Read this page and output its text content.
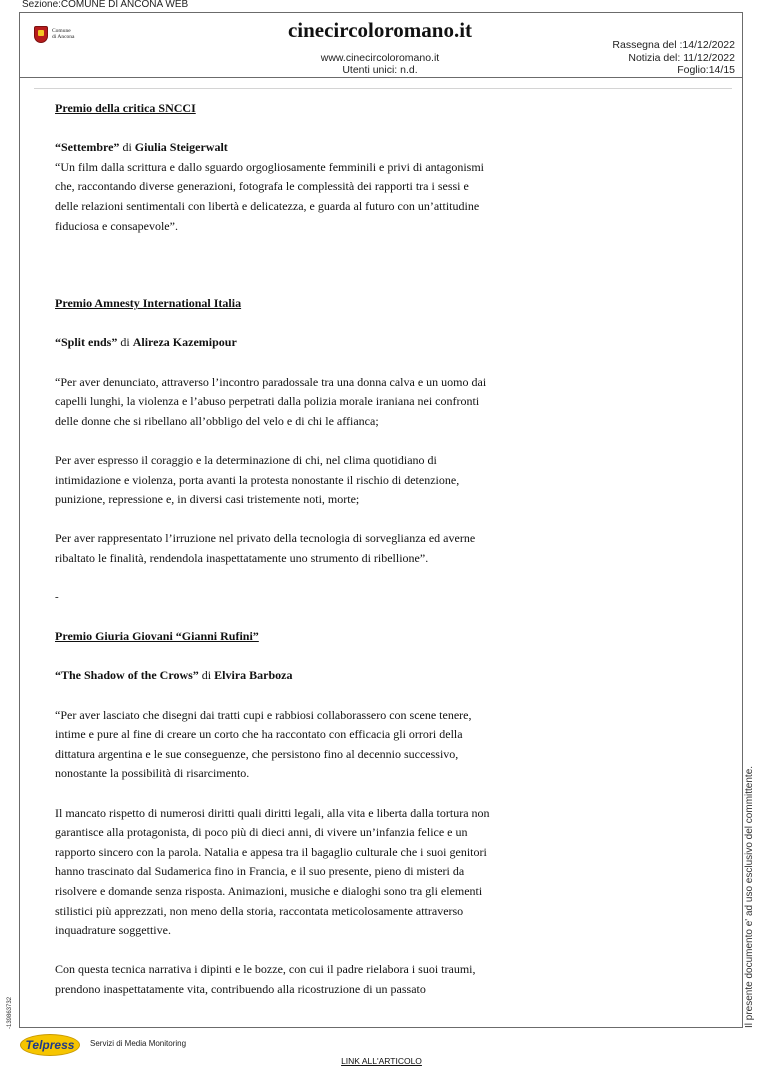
Sezione:COMUNE DI ANCONA WEB
Comune
di Ancona	cinecircoloromano.it
www.cinecircoloromano.it
Utenti unici: n.d.
Rassegna del :14/12/2022
Notizia del: 11/12/2022
Foglio:14/15

Premio della critica SNCCI

“Settembre” di Giulia Steigerwalt

“Un film dalla scrittura e dallo sguardo orgogliosamente femminili e privi di antagonismi che, raccontando diverse generazioni, fotografa le complessità dei rapporti tra i sessi e delle relazioni sentimentali con libertà e delicatezza, e guarda al futuro con un’attitudine fiduciosa e consapevole”.

Premio Amnesty International Italia

“Split ends” di Alireza Kazemipour

“Per aver denunciato, attraverso l’incontro paradossale tra una donna calva e un uomo dai capelli lunghi, la violenza e l’abuso perpetrati dalla polizia morale iraniana nei confronti delle donne che si ribellano all’obbligo del velo e di chi le affianca;

Per aver espresso il coraggio e la determinazione di chi, nel clima quotidiano di intimidazione e violenza, porta avanti la protesta nonostante il rischio di detenzione, punizione, repressione e, in diversi casi tristemente noti, morte;

Per aver rappresentato l’irruzione nel privato della tecnologia di sorveglianza ed averne ribaltato le finalità, rendendola inaspettatamente uno strumento di ribellione”.

-

Premio Giuria Giovani “Gianni Rufini”

“The Shadow of the Crows” di Elvira Barboza

“Per aver lasciato che disegni dai tratti cupi e rabbiosi collaborassero con scene tenere, intime e pure al fine di creare un corto che ha raccontato con efficacia gli orrori della dittatura argentina e le sue conseguenze, che persistono fino al decennio successivo, nonostante la possibilità di risarcimento.

Il mancato rispetto di numerosi diritti quali diritti legali, alla vita e liberta dalla tortura non garantisce alla protagonista, di poco più di dieci anni, di vivere un’infanzia felice e un rapporto sincero con la parola. Natalia e appesa tra il bagaglio culturale che i suoi genitori hanno trascinato dal Sudamerica fino in Francia, e il suo presente, pieno di misteri da risolvere e domande senza risposta. Animazioni, musiche e dialoghi sono tra gli elementi stilistici più apprezzati, non meno della storia, raccontata meticolosamente attraverso inquadrature soggettive.

Con questa tecnica narrativa i dipinti e le bozze, con cui il padre rielabora i suoi traumi, prendono inaspettatamente vita, contribuendo alla ricostruzione di un passato	Il presente documento e' ad uso esclusivo del committente.
-139863732
Telpress	Servizi di Media Monitoring
LINK ALL'ARTICOLO
